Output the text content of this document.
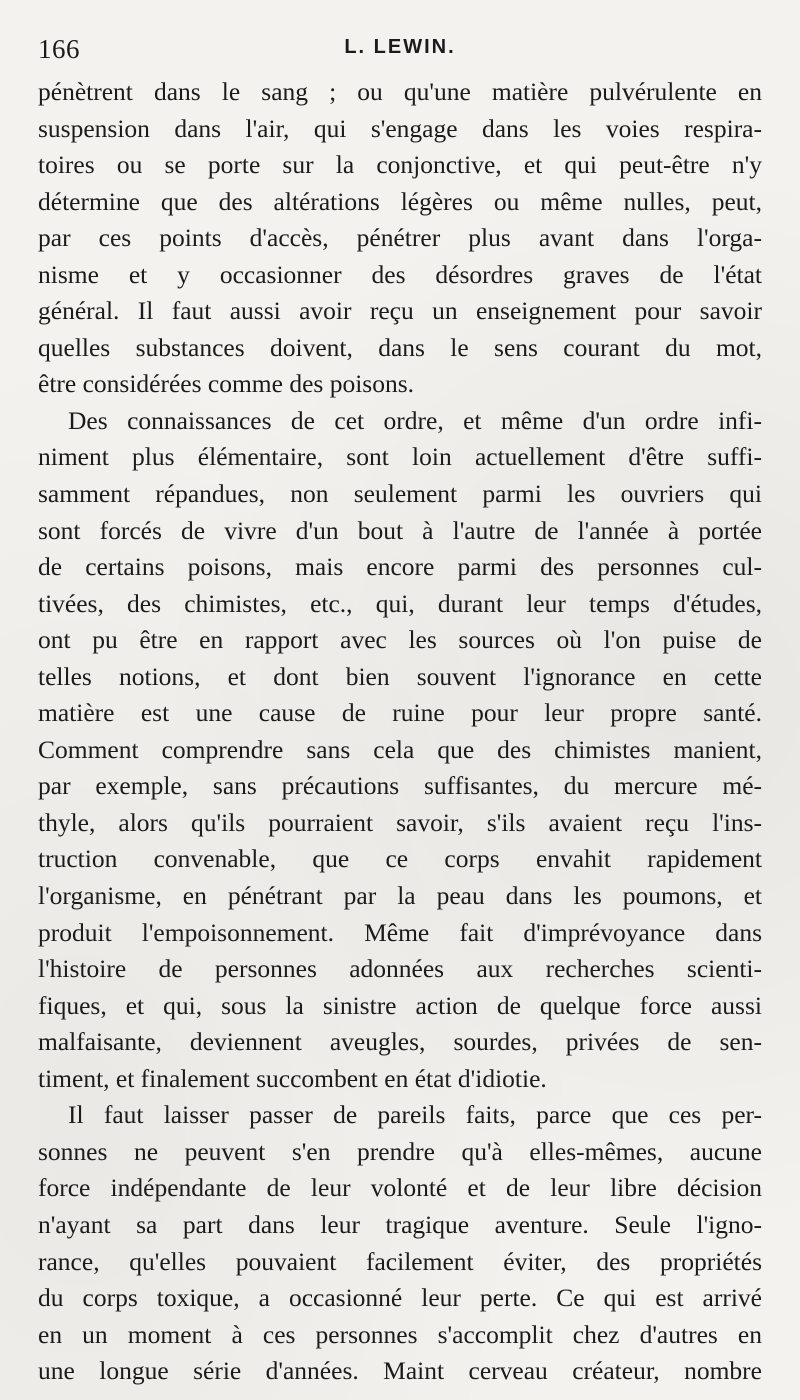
166	L. LEWIN.
pénètrent dans le sang ; ou qu'une matière pulvérulente en
suspension dans l'air, qui s'engage dans les voies respira-
toires ou se porte sur la conjonctive, et qui peut-être n'y
détermine que des altérations légères ou même nulles, peut,
par ces points d'accès, pénétrer plus avant dans l'orga-
nisme et y occasionner des désordres graves de l'état
général. Il faut aussi avoir reçu un enseignement pour savoir
quelles substances doivent, dans le sens courant du mot,
être considérées comme des poisons.
Des connaissances de cet ordre, et même d'un ordre infi-
niment plus élémentaire, sont loin actuellement d'être suffi-
samment répandues, non seulement parmi les ouvriers qui
sont forcés de vivre d'un bout à l'autre de l'année à portée
de certains poisons, mais encore parmi des personnes cul-
tivées, des chimistes, etc., qui, durant leur temps d'études,
ont pu être en rapport avec les sources où l'on puise de
telles notions, et dont bien souvent l'ignorance en cette
matière est une cause de ruine pour leur propre santé.
Comment comprendre sans cela que des chimistes manient,
par exemple, sans précautions suffisantes, du mercure mé-
thyle, alors qu'ils pourraient savoir, s'ils avaient reçu l'ins-
truction convenable, que ce corps envahit rapidement
l'organisme, en pénétrant par la peau dans les poumons, et
produit l'empoisonnement. Même fait d'imprévoyance dans
l'histoire de personnes adonnées aux recherches scienti-
fiques, et qui, sous la sinistre action de quelque force aussi
malfaisante, deviennent aveugles, sourdes, privées de sen-
timent, et finalement succombent en état d'idiotie.
Il faut laisser passer de pareils faits, parce que ces per-
sonnes ne peuvent s'en prendre qu'à elles-mêmes, aucune
force indépendante de leur volonté et de leur libre décision
n'ayant sa part dans leur tragique aventure. Seule l'igno-
rance, qu'elles pouvaient facilement éviter, des propriétés
du corps toxique, a occasionné leur perte. Ce qui est arrivé
en un moment à ces personnes s'accomplit chez d'autres en
une longue série d'années. Maint cerveau créateur, nombre
